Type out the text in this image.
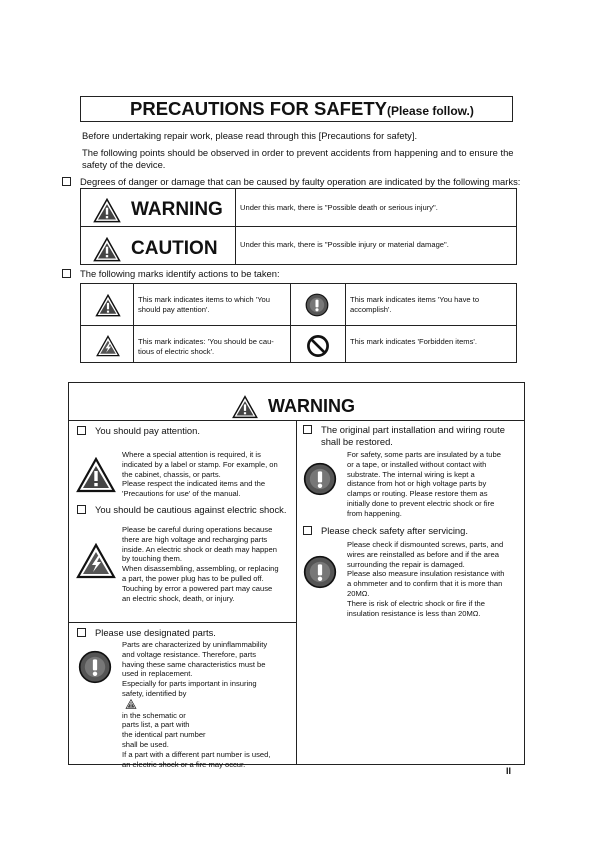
PRECAUTIONS FOR SAFETY(Please follow.)
Before undertaking repair work, please read through this [Precautions for safety].
The following points should be observed in order to prevent accidents from happening and to ensure the
safety of the device.
Degrees of danger or damage that can be caused by faulty operation are indicated by the following marks:
WARNING Under this mark, there is "Possible death or serious injury".
CAUTION	Under this mark, there is "Possible injury or material damage".
The following marks identify actions to be taken:
This mark indicates items to which 'You
should pay attention'.
This mark indicates items 'You have to
accomplish'.
This mark indicates: 'You should be cau-
tious of electric shock'.
This mark indicates 'Forbidden items'.
WARNING
You should pay attention.
Where a special attention is required, it is
indicated by a label or stamp. For example, on
the cabinet, chassis, or parts.
Please respect the indicated items and the
'Precautions for use' of the manual.
You should be cautious against electric shock.
Please be careful during operations because
there are high voltage and recharging parts
inside. An electric shock or death may happen
by touching them.
When disassembling, assembling, or replacing
a part, the power plug has to be pulled off.
Touching by error a powered part may cause
an electric shock, death, or injury.
Please use designated parts.
Parts are characterized by uninflammability
and voltage resistance. Therefore, parts
having these same characteristics must be
used in replacement.
Especially for parts important in insuring
safety, identified by
in the schematic or
parts list, a part with
the identical part number
shall be used.
If a part with a different part number is used,
an electric shock or a fire may occur.
The original part installation and wiring route
shall be restored.
For safety, some parts are insulated by a tube
or a tape, or installed without contact with
substrate. The internal wiring is kept a
distance from hot or high voltage parts by
clamps or routing. Please restore them as
initially done to prevent electric shock or fire
from happening.
Please check safety after servicing.
Please check if dismounted screws, parts, and
wires are reinstalled as before and if the area
surrounding the repair is damaged.
Please also measure insulation resistance with
a ohmmeter and to confirm that it is more than
20MΩ.
There is risk of electric shock or fire if the
insulation resistance is less than 20MΩ.
II
